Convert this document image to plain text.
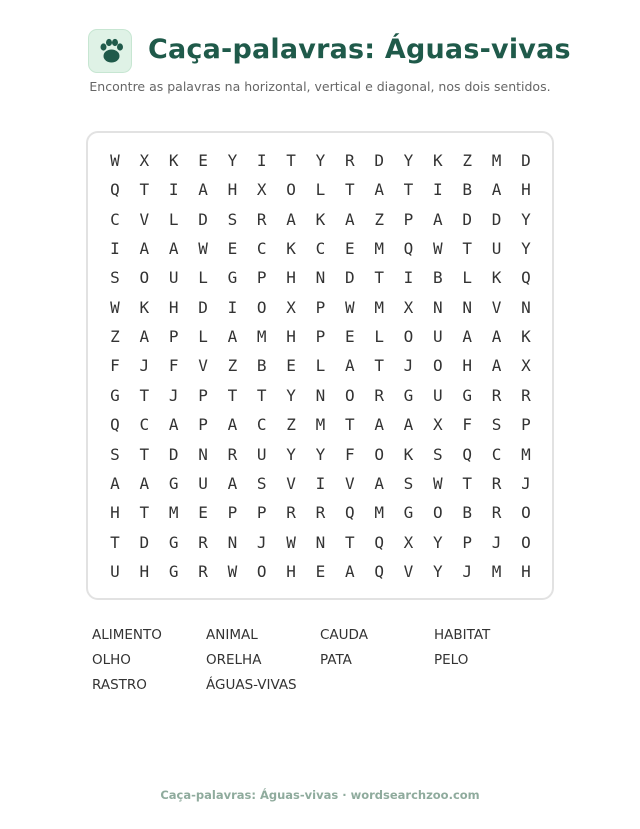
Caça-palavras: Águas-vivas
Encontre as palavras na horizontal, vertical e diagonal, nos dois sentidos.
W	X	K	E	Y	I	T	Y	R	D	Y	K	Z	M	D
Q	T	I	A	H	X	O	L	T	A	T	I	B	A	H
C	V	L	D	S	R	A	K	A	Z	P	A	D	D	Y
I	A	A	W	E	C	K	C	E	M	Q	W	T	U	Y
S	O	U	L	G	P	H	N	D	T	I	B	L	K	Q
W	K	H	D	I	O	X	P	W	M	X	N	N	V	N
Z	A	P	L	A	M	H	P	E	L	O	U	A	A	K
F	J	F	V	Z	B	E	L	A	T	J	O	H	A	X
G	T	J	P	T	T	Y	N	O	R	G	U	G	R	R
Q	C	A	P	A	C	Z	M	T	A	A	X	F	S	P
S	T	D	N	R	U	Y	Y	F	O	K	S	Q	C	M
A	A	G	U	A	S	V	I	V	A	S	W	T	R	J
H	T	M	E	P	P	R	R	Q	M	G	O	B	R	O
T	D	G	R	N	J	W	N	T	Q	X	Y	P	J	O
U	H	G	R	W	O	H	E	A	Q	V	Y	J	M	H
ALIMENTO	ANIMAL	CAUDA	HABITAT
OLHO	ORELHA	PATA	PELO
RASTRO	ÁGUAS-VIVAS
Caça-palavras: Águas-vivas · wordsearchzoo.com
